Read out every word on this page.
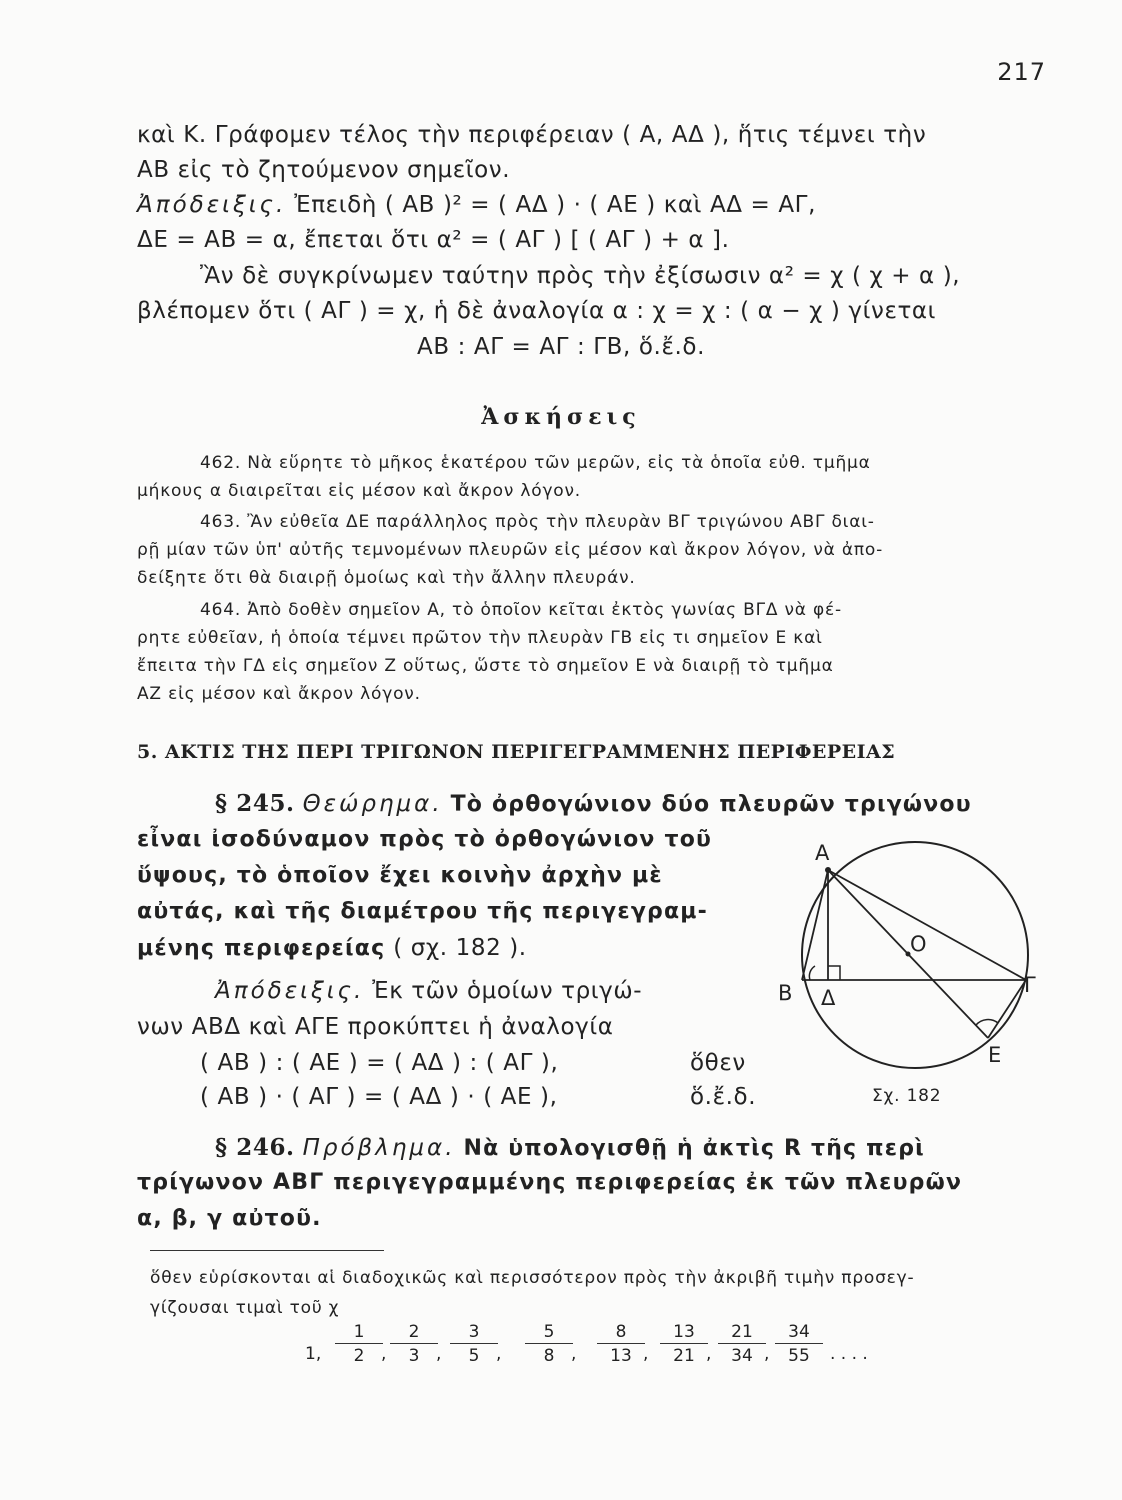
217
καὶ Κ. Γράφομεν τέλος τὴν περιφέρειαν ( Α, ΑΔ ), ἥτις τέμνει τὴν
ΑΒ εἰς τὸ ζητούμενον σημεῖον.
Ἀπόδειξις. Ἐπειδὴ ( ΑΒ )² = ( ΑΔ ) · ( ΑΕ ) καὶ ΑΔ = ΑΓ,
ΔΕ = ΑΒ = α, ἔπεται ὅτι α² = ( ΑΓ ) [ ( ΑΓ ) + α ].
Ἂν δὲ συγκρίνωμεν ταύτην πρὸς τὴν ἐξίσωσιν α² = χ ( χ + α ),
βλέπομεν ὅτι ( ΑΓ ) = χ, ἡ δὲ ἀναλογία α : χ = χ : ( α − χ ) γίνεται
ΑΒ : ΑΓ = ΑΓ : ΓΒ, ὅ.ἔ.δ.
Ἀσκήσεις
462. Νὰ εὕρητε τὸ μῆκος ἑκατέρου τῶν μερῶν, εἰς τὰ ὁποῖα εὐθ. τμῆμα
μήκους α διαιρεῖται εἰς μέσον καὶ ἄκρον λόγον.
463. Ἂν εὐθεῖα ΔΕ παράλληλος πρὸς τὴν πλευρὰν ΒΓ τριγώνου ΑΒΓ διαι-
ρῇ μίαν τῶν ὑπ' αὐτῆς τεμνομένων πλευρῶν εἰς μέσον καὶ ἄκρον λόγον, νὰ ἀπο-
δείξητε ὅτι θὰ διαιρῇ ὁμοίως καὶ τὴν ἄλλην πλευράν.
464. Ἀπὸ δοθὲν σημεῖον Α, τὸ ὁποῖον κεῖται ἐκτὸς γωνίας ΒΓΔ νὰ φέ-
ρητε εὐθεῖαν, ἡ ὁποία τέμνει πρῶτον τὴν πλευρὰν ΓΒ εἰς τι σημεῖον Ε καὶ
ἔπειτα τὴν ΓΔ εἰς σημεῖον Ζ οὕτως, ὥστε τὸ σημεῖον Ε νὰ διαιρῇ τὸ τμῆμα
ΑΖ εἰς μέσον καὶ ἄκρον λόγον.
5. ΑΚΤΙΣ ΤΗΣ ΠΕΡΙ ΤΡΙΓΩΝΟΝ ΠΕΡΙΓΕΓΡΑΜΜΕΝΗΣ ΠΕΡΙΦΕΡΕΙΑΣ
§ 245. Θεώρημα. Τὸ ὀρθογώνιον δύο πλευρῶν τριγώνου
εἶναι ἰσοδύναμον πρὸς τὸ ὀρθογώνιον τοῦ
ὕψους, τὸ ὁποῖον ἔχει κοινὴν ἀρχὴν μὲ
αὐτάς, καὶ τῆς διαμέτρου τῆς περιγεγραμ-
μένης περιφερείας ( σχ. 182 ).
Ἀπόδειξις. Ἐκ τῶν ὁμοίων τριγώ-
νων ΑΒΔ καὶ ΑΓΕ προκύπτει ἡ ἀναλογία
( ΑΒ ) : ( ΑΕ ) = ( ΑΔ ) : ( ΑΓ ),	ὅθεν
( ΑΒ ) · ( ΑΓ ) = ( ΑΔ ) · ( ΑΕ ),	ὅ.ἔ.δ.
Α
Β Δ
Γ
Ε
Ο
Σχ. 182
§ 246. Πρόβλημα. Νὰ ὑπολογισθῇ ἡ ἀκτὶς R τῆς περὶ
τρίγωνον ΑΒΓ περιγεγραμμένης περιφερείας ἐκ τῶν πλευρῶν
α, β, γ αὐτοῦ.
ὅθεν εὑρίσκονται αἱ διαδοχικῶς καὶ περισσότερον πρὸς τὴν ἀκριβῆ τιμὴν προσεγ-
γίζουσαι τιμαὶ τοῦ χ
1, $\frac{1}{2}$
, $\frac{2}{3}$
, $\frac{3}{5}$
, $\frac{5}{8}$
, $\frac{8}{13}$
, $\frac{13}{21}$
, $\frac{21}{34}$
, $\frac{34}{55}$ . . . .
